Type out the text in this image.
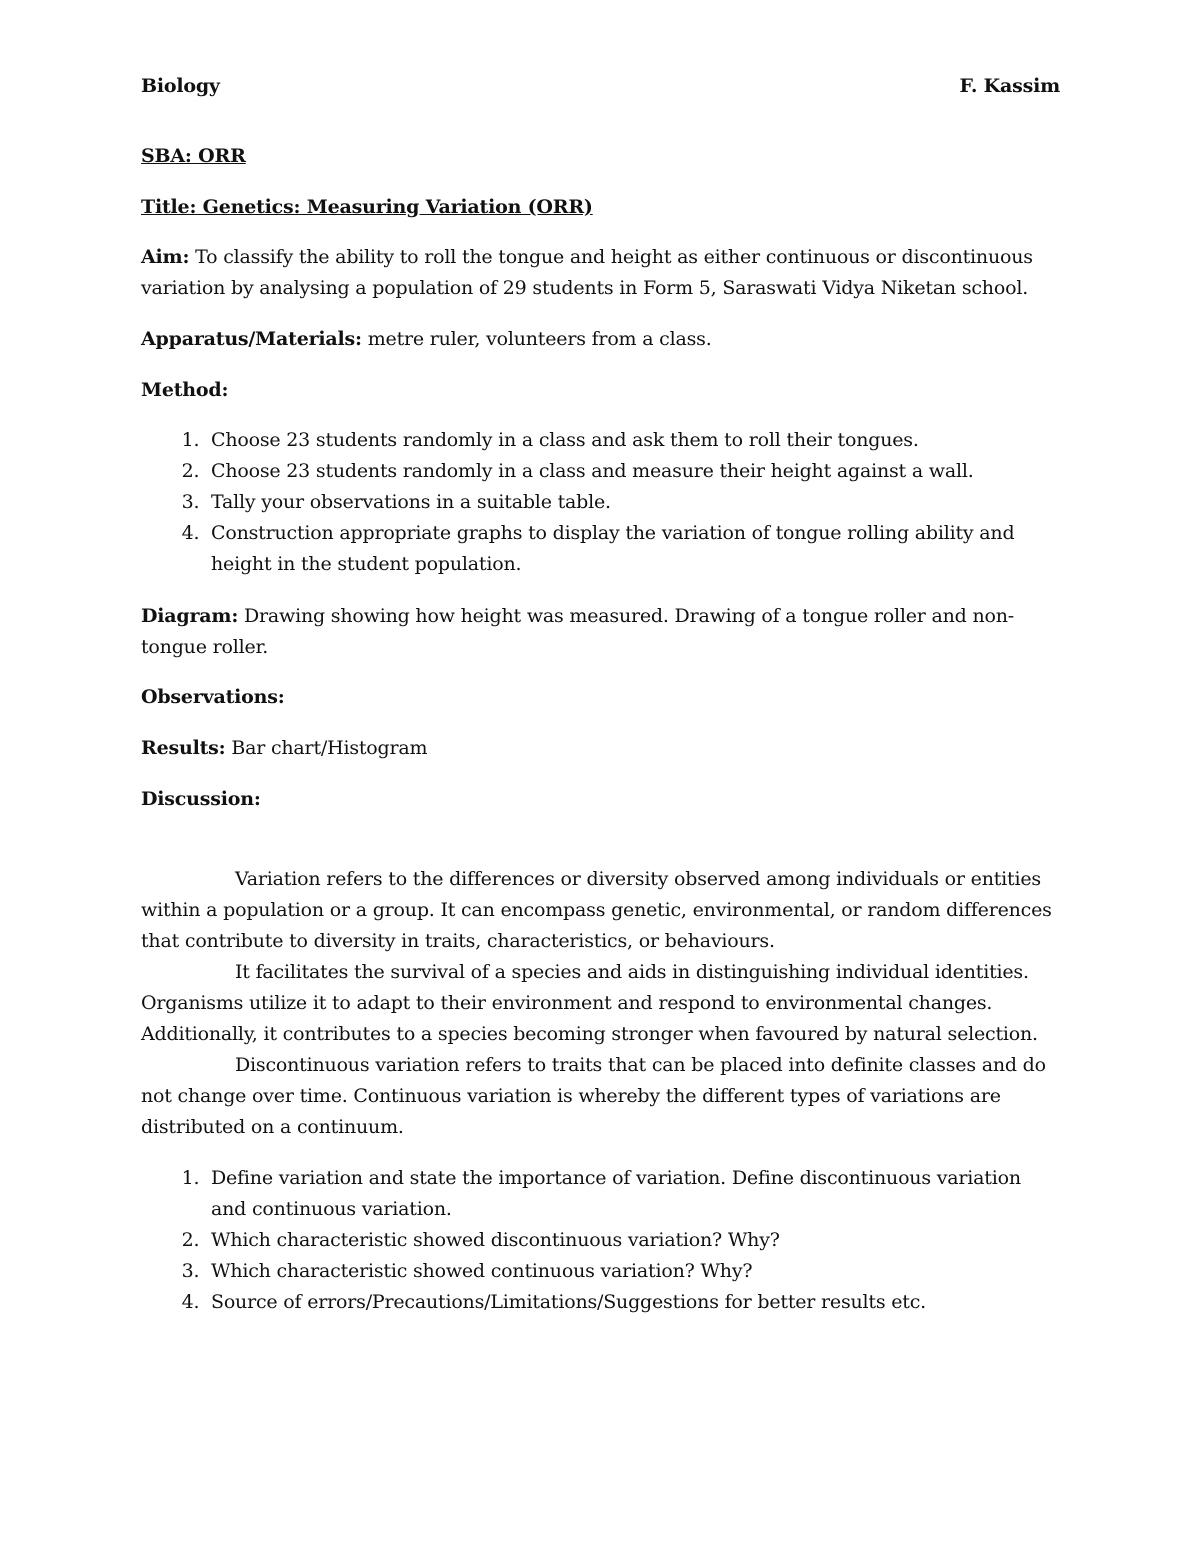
Biology	F. Kassim

SBA: ORR

Title: Genetics: Measuring Variation (ORR)

Aim: To classify the ability to roll the tongue and height as either continuous or discontinuous variation by analysing a population of 29 students in Form 5, Saraswati Vidya Niketan school.

Apparatus/Materials: metre ruler, volunteers from a class.

Method:

1. Choose 23 students randomly in a class and ask them to roll their tongues.
2. Choose 23 students randomly in a class and measure their height against a wall.
3. Tally your observations in a suitable table.
4. Construction appropriate graphs to display the variation of tongue rolling ability and height in the student population.

Diagram: Drawing showing how height was measured. Drawing of a tongue roller and non-tongue roller.

Observations:

Results: Bar chart/Histogram

Discussion:

Variation refers to the differences or diversity observed among individuals or entities within a population or a group. It can encompass genetic, environmental, or random differences that contribute to diversity in traits, characteristics, or behaviours.

It facilitates the survival of a species and aids in distinguishing individual identities. Organisms utilize it to adapt to their environment and respond to environmental changes. Additionally, it contributes to a species becoming stronger when favoured by natural selection.

Discontinuous variation refers to traits that can be placed into definite classes and do not change over time. Continuous variation is whereby the different types of variations are distributed on a continuum.

1. Define variation and state the importance of variation. Define discontinuous variation and continuous variation.
2. Which characteristic showed discontinuous variation? Why?
3. Which characteristic showed continuous variation? Why?
4. Source of errors/Precautions/Limitations/Suggestions for better results etc.
